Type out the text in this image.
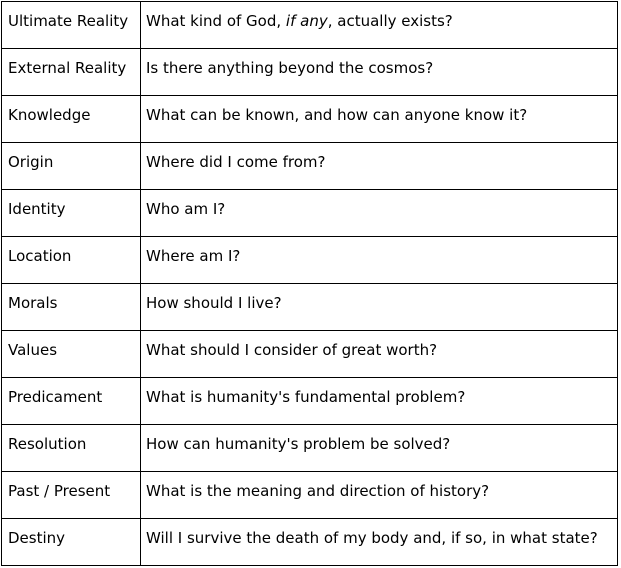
Ultimate Reality	What kind of God, if any, actually exists?
External Reality	Is there anything beyond the cosmos?
Knowledge	What can be known, and how can anyone know it?
Origin	Where did I come from?
Identity	Who am I?
Location	Where am I?
Morals	How should I live?
Values	What should I consider of great worth?
Predicament	What is humanity's fundamental problem?
Resolution	How can humanity's problem be solved?
Past / Present	What is the meaning and direction of history?
Destiny	Will I survive the death of my body and, if so, in what state?
